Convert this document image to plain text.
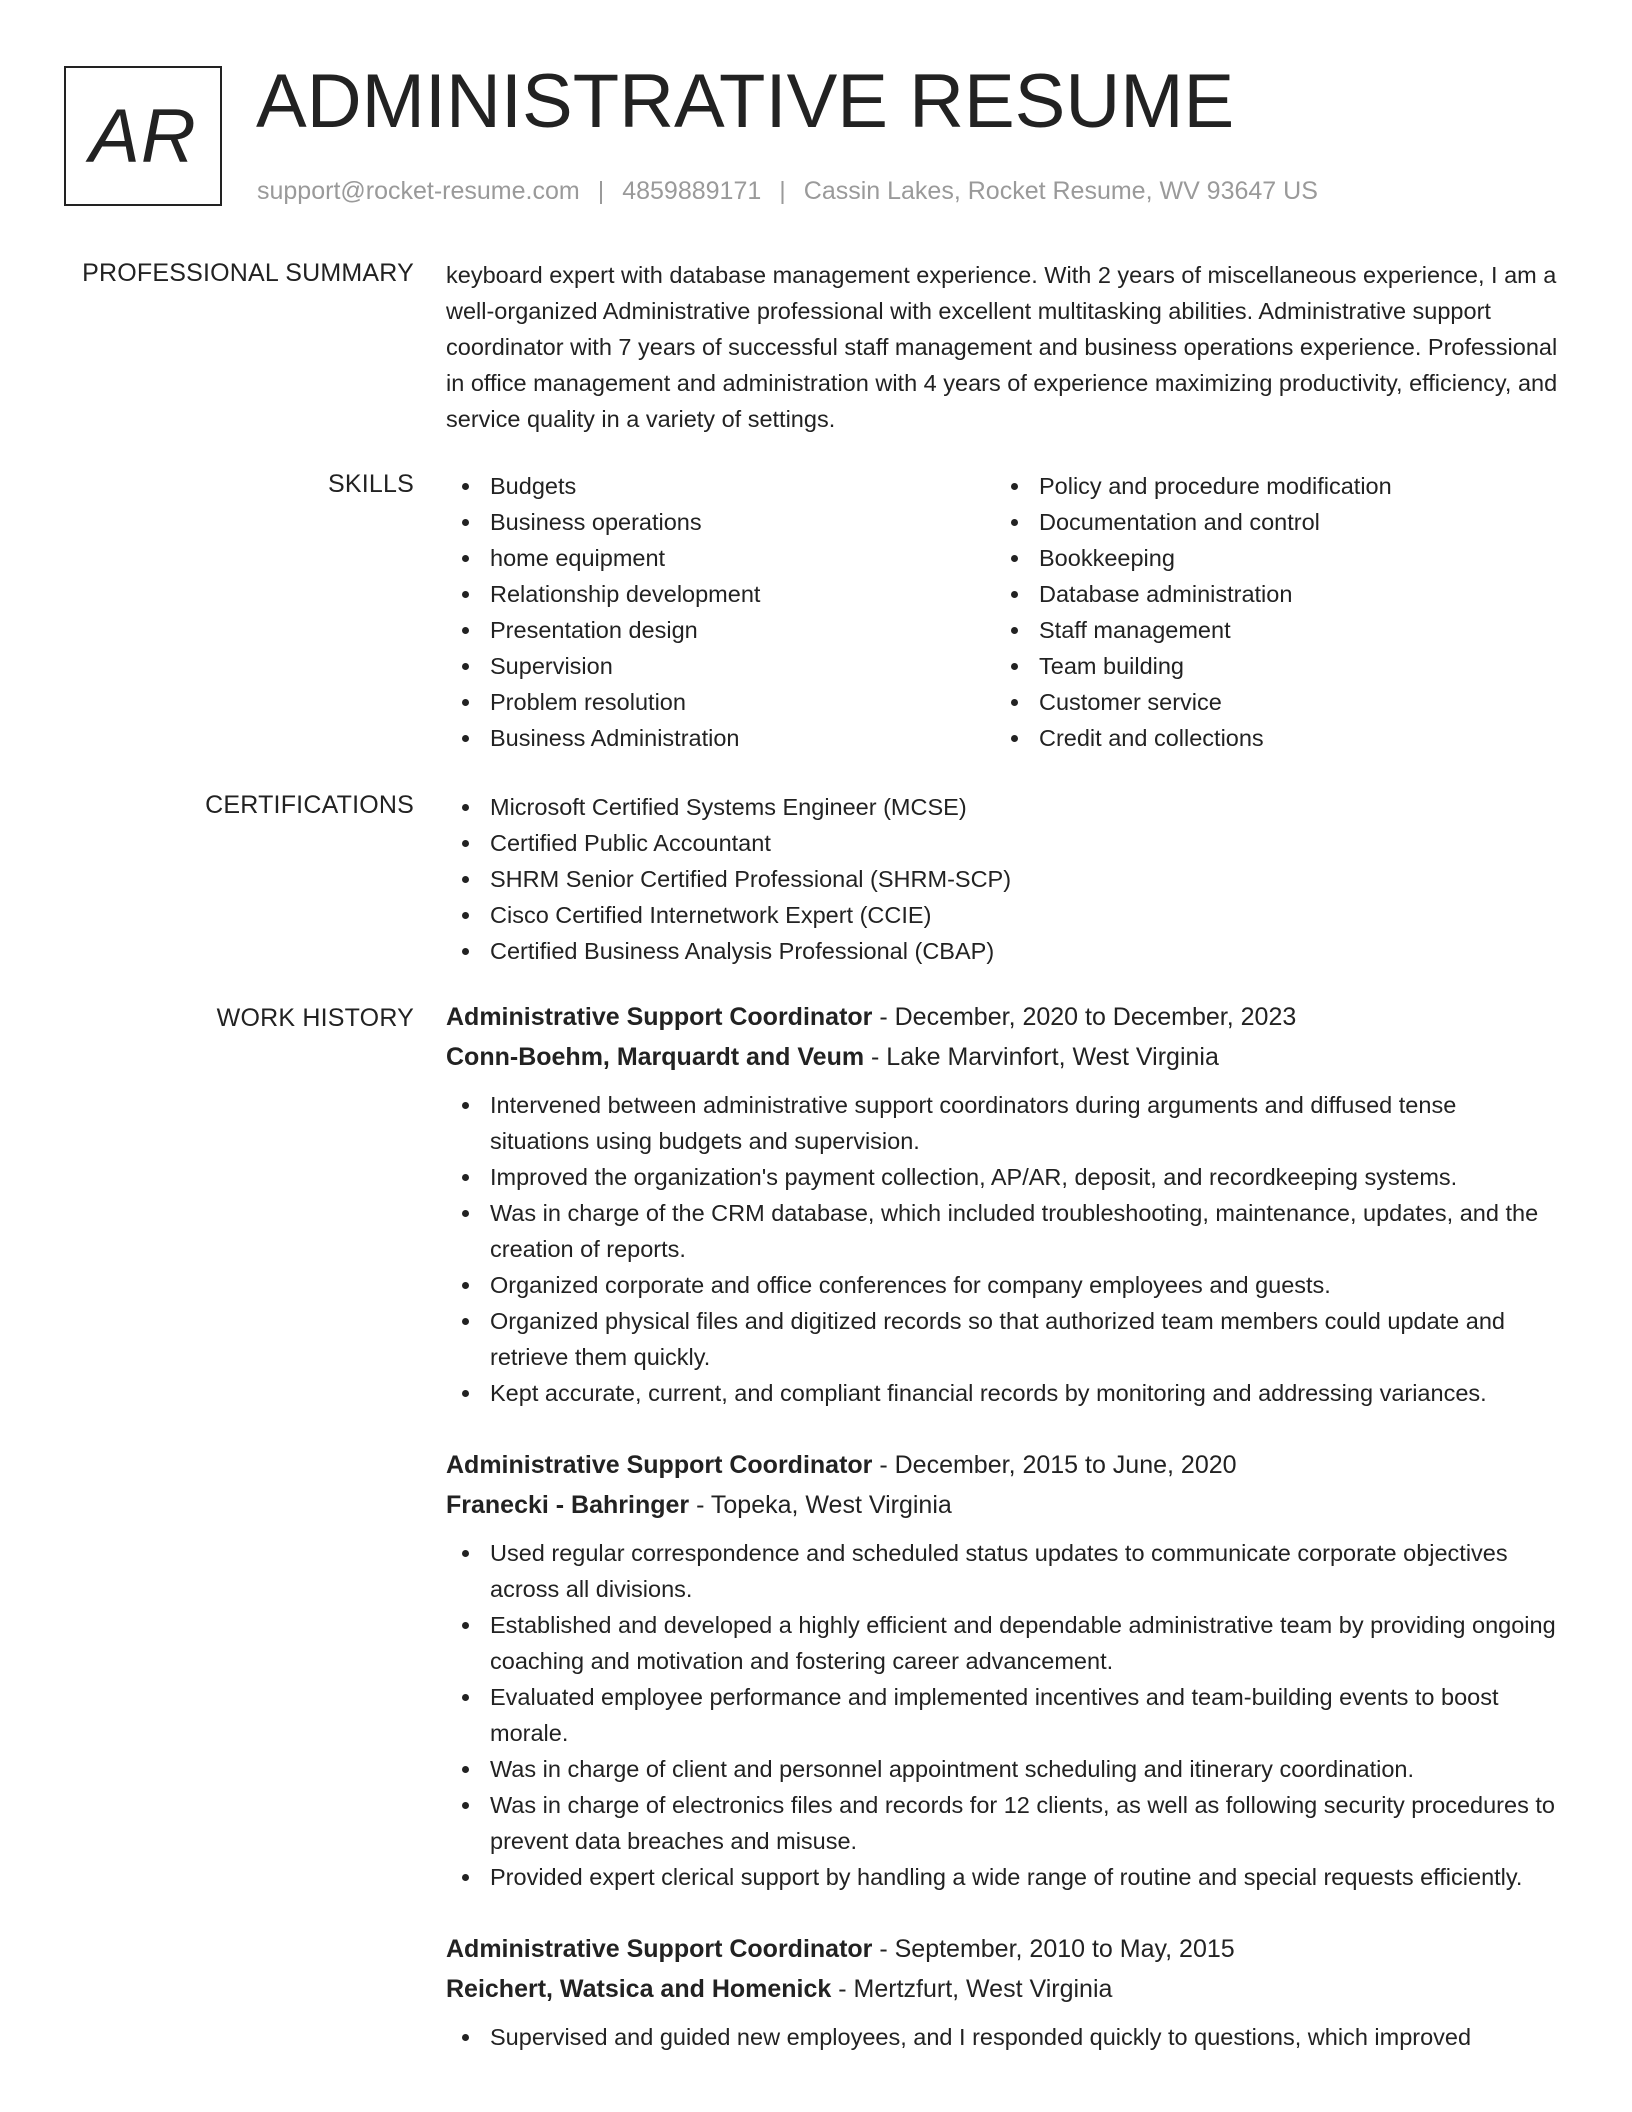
AR ADMINISTRATIVE RESUME
support@rocket-resume.com | 4859889171 | Cassin Lakes, Rocket Resume, WV 93647 US
PROFESSIONAL SUMMARY keyboard expert with database management experience. With 2 years of miscellaneous experience, I am a well-organized Administrative professional with excellent multitasking abilities. Administrative support coordinator with 7 years of successful staff management and business operations experience. Professional in office management and administration with 4 years of experience maximizing productivity, efficiency, and service quality in a variety of settings.

SKILLS	Budgets
Business operations
home equipment
Relationship development
Presentation design
Supervision
Problem resolution
Business Administration
Policy and procedure modification
Documentation and control
Bookkeeping
Database administration
Staff management
Team building
Customer service
Credit and collections
CERTIFICATIONS	Microsoft Certified Systems Engineer (MCSE)
Certified Public Accountant
SHRM Senior Certified Professional (SHRM-SCP)
Cisco Certified Internetwork Expert (CCIE)
Certified Business Analysis Professional (CBAP)
WORK HISTORY Administrative Support Coordinator - December, 2020 to December, 2023
Conn-Boehm, Marquardt and Veum - Lake Marvinfort, West Virginia
Intervened between administrative support coordinators during arguments and diffused tense situations using budgets and supervision.
Improved the organization's payment collection, AP/AR, deposit, and recordkeeping systems.
Was in charge of the CRM database, which included troubleshooting, maintenance, updates, and the creation of reports.
Organized corporate and office conferences for company employees and guests.
Organized physical files and digitized records so that authorized team members could update and retrieve them quickly.
Kept accurate, current, and compliant financial records by monitoring and addressing variances.
Administrative Support Coordinator - December, 2015 to June, 2020
Franecki - Bahringer - Topeka, West Virginia
Used regular correspondence and scheduled status updates to communicate corporate objectives across all divisions.
Established and developed a highly efficient and dependable administrative team by providing ongoing coaching and motivation and fostering career advancement.
Evaluated employee performance and implemented incentives and team-building events to boost morale.
Was in charge of client and personnel appointment scheduling and itinerary coordination.
Was in charge of electronics files and records for 12 clients, as well as following security procedures to prevent data breaches and misuse.
Provided expert clerical support by handling a wide range of routine and special requests efficiently.
Administrative Support Coordinator - September, 2010 to May, 2015
Reichert, Watsica and Homenick - Mertzfurt, West Virginia
Supervised and guided new employees, and I responded quickly to questions, which improved
